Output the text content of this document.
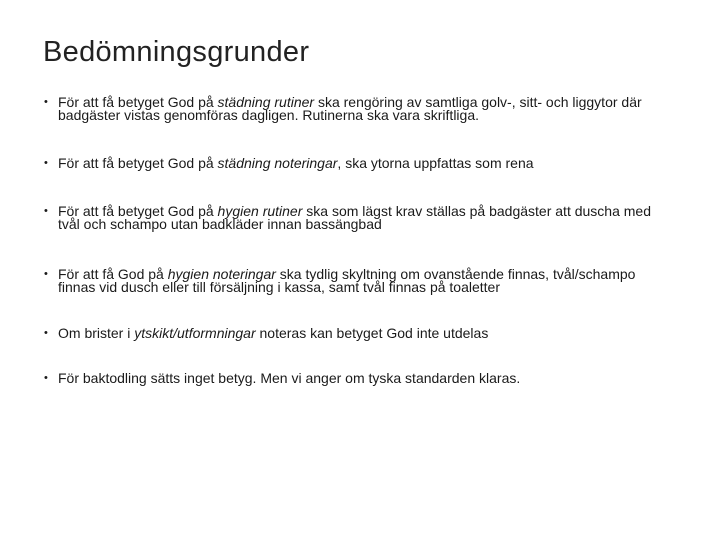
Bedömningsgrunder
• För att få betyget God på städning rutiner ska rengöring av samtliga golv-, sitt- och liggytor där badgäster vistas genomföras dagligen. Rutinerna ska vara skriftliga.
• För att få betyget God på städning noteringar, ska ytorna uppfattas som rena
• För att få betyget God på hygien rutiner ska som lägst krav ställas på badgäster att duscha med tvål och schampo utan badkläder innan bassängbad
• För att få God på hygien noteringar ska tydlig skyltning om ovanstående finnas, tvål/schampo finnas vid dusch eller till försäljning i kassa, samt tvål finnas på toaletter
• Om brister i ytskikt/utformningar noteras kan betyget God inte utdelas
• För baktodling sätts inget betyg. Men vi anger om tyska standarden klaras.
